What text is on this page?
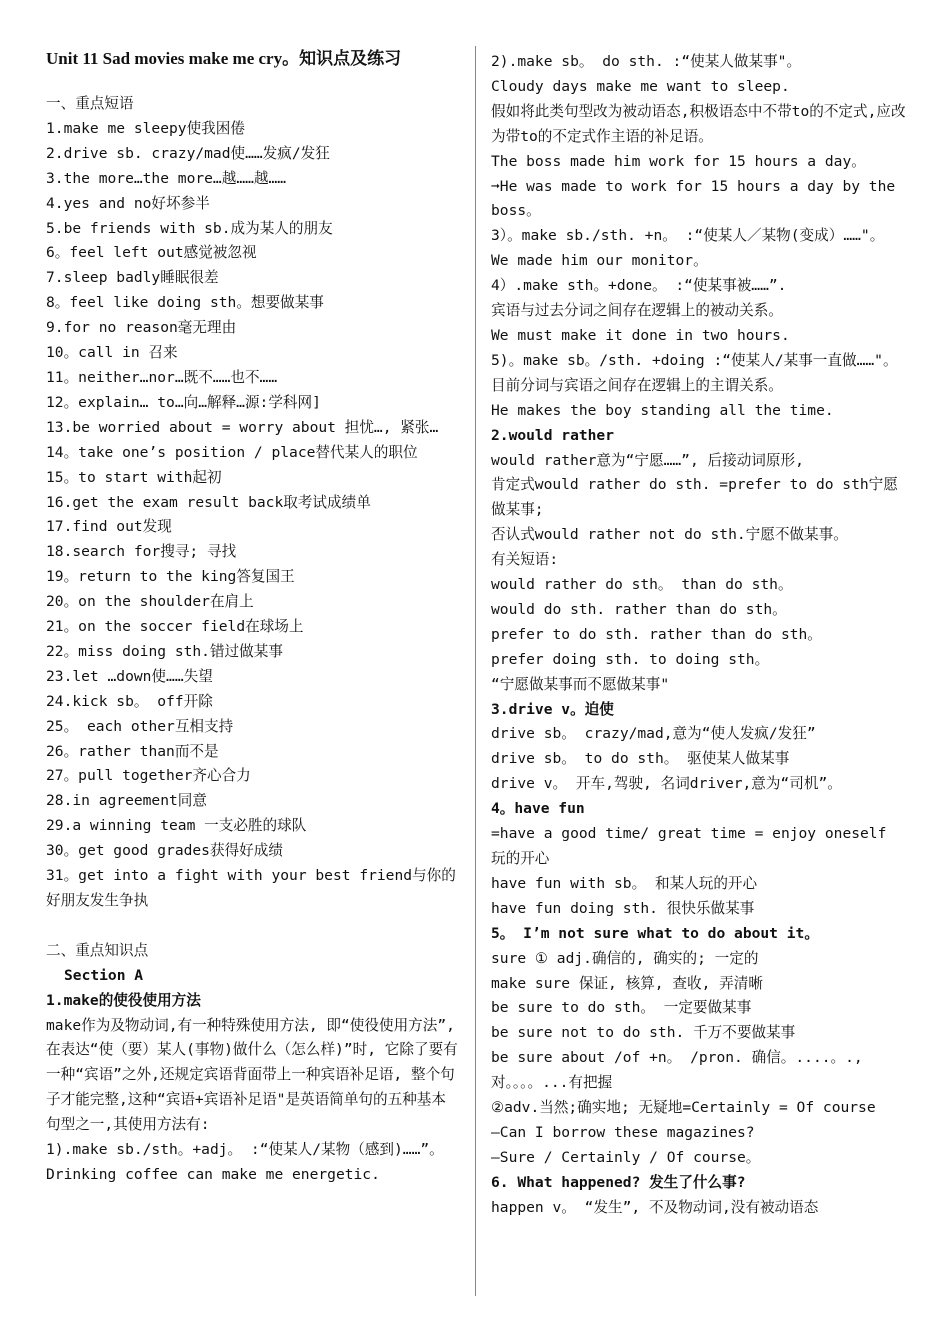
Unit 11 Sad movies make me cry。知识点及练习
一、重点短语
1.make me sleepy使我困倦
2.drive sb. crazy/mad使……发疯/发狂
3.the more…the more…越……越……
4.yes and no好坏参半
5.be friends with sb.成为某人的朋友
6。feel left out感觉被忽视
7.sleep badly睡眠很差
8。feel like doing sth。想要做某事
9.for no reason毫无理由
10。call in 召来
11。neither…nor…既不……也不……
12。explain… to…向…解释…源:学科网]
13.be worried about = worry about 担忧…, 紧张…
14。take one’s position / place替代某人的职位
15。to start with起初
16.get the exam result back取考试成绩单
17.find out发现
18.search for搜寻; 寻找
19。return to the king答复国王
20。on the shoulder在肩上
21。on the soccer field在球场上
22。miss doing sth.错过做某事
23.let …down使……失望
24.kick sb。 off开除
25。 each other互相支持
26。rather than而不是
27。pull together齐心合力
28.in agreement同意
29.a winning team 一支必胜的球队
30。get good grades获得好成绩
31。get into a fight with your best friend与你的好朋友发生争执
二、重点知识点
Section A
1.make的使役使用方法
make作为及物动词,有一种特殊使用方法, 即“使役使用方法”,在表达“使（要）某人(事物)做什么（怎么样)”时, 它除了要有一种“宾语”之外,还规定宾语背面带上一种宾语补足语, 整个句子才能完整,这种“宾语+宾语补足语"是英语简单句的五种基本句型之一,其使用方法有:
1).make sb./sth。+adj。 :“使某人/某物（感到)……”。
Drinking coffee can make me energetic.
2).make sb。 do sth. :“使某人做某事"。
Cloudy days make me want to sleep.
假如将此类句型改为被动语态,积极语态中不带to的不定式,应改为带to的不定式作主语的补足语。
The boss made him work for 15 hours a day。
➞He was made to work for 15 hours a day by the boss。
3）。make sb./sth. +n。 :“使某人／某物(变成）……"。
We made him our monitor。
4）.make sth。+done。 :“使某事被……”.
宾语与过去分词之间存在逻辑上的被动关系。
We must make it done in two hours.
5)。make sb。/sth. +doing :“使某人/某事一直做……"。
目前分词与宾语之间存在逻辑上的主谓关系。
He makes the boy standing all the time.
2.would rather
would rather意为“宁愿……”, 后接动词原形,
肯定式would rather do sth. =prefer to do sth宁愿做某事;
否认式would rather not do sth.宁愿不做某事。
有关短语:
would rather do sth。 than do sth。
would do sth. rather than do sth。
prefer to do sth. rather than do sth。
prefer doing sth. to doing sth。
“宁愿做某事而不愿做某事"
3.drive v。迫使
drive sb。 crazy/mad,意为“使人发疯/发狂”
drive sb。 to do sth。 驱使某人做某事
drive v。 开车,驾驶, 名词driver,意为“司机”。
4。have fun
=have a good time/ great time = enjoy oneself 玩的开心
have fun with sb。 和某人玩的开心
have fun doing sth. 很快乐做某事
5。 I’m not sure what to do about it。
sure ① adj.确信的, 确实的; 一定的
make sure 保证, 核算, 查收, 弄清晰
be sure to do sth。 一定要做某事
be sure not to do sth. 千万不要做某事
be sure about /of +n。 /pron. 确信。....。., 对。。。。...有把握
②adv.当然;确实地; 无疑地=Certainly = Of course
—Can I borrow these magazines?
—Sure / Certainly / Of course。
6. What happened? 发生了什么事?
happen v。 “发生”, 不及物动词,没有被动语态
